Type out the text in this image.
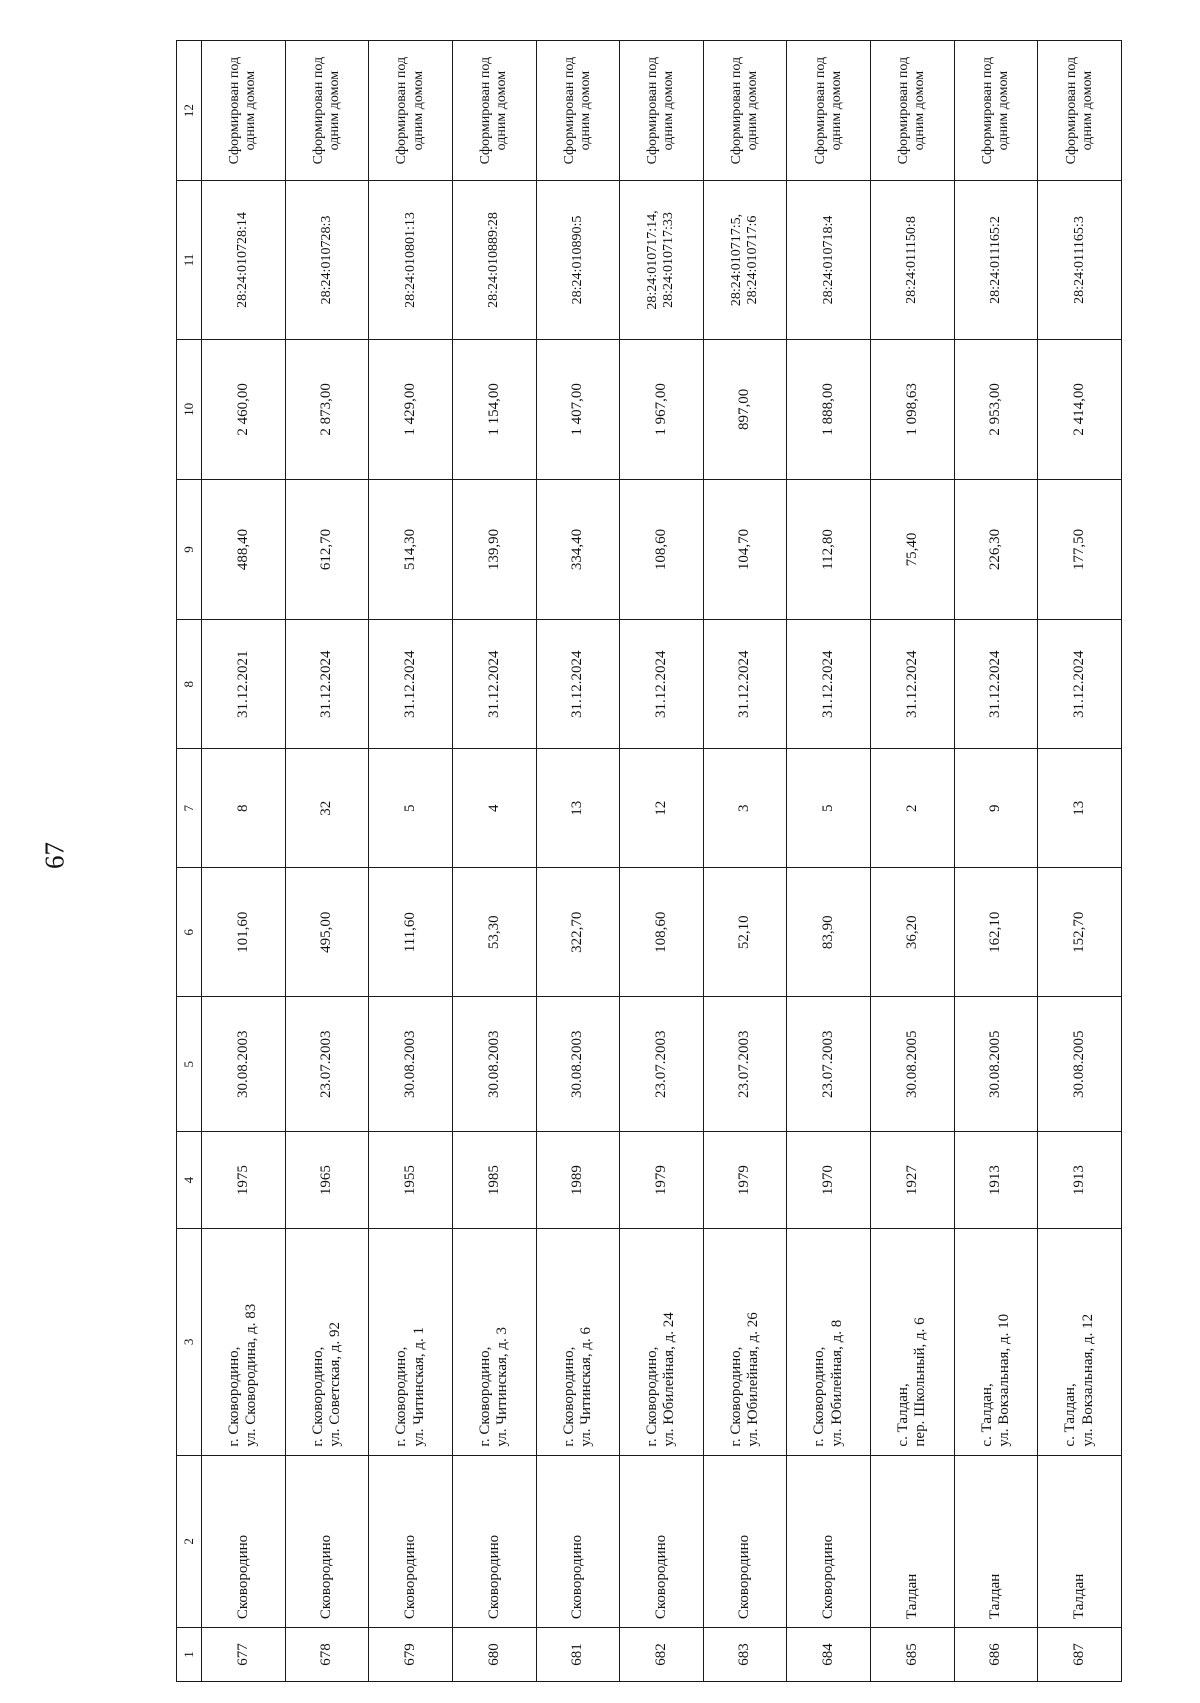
67
1	2	3	4	5	6	7	8	9	10	11	12
677	Сковородино	г. Сковородино,
ул. Сковородина, д. 83	1975	30.08.2003	101,60	8	31.12.2021	488,40	2 460,00	28:24:010728:14	Сформирован под одним домом
678	Сковородино	г. Сковородино,
ул. Советская, д. 92	1965	23.07.2003	495,00	32	31.12.2024	612,70	2 873,00	28:24:010728:3	Сформирован под одним домом
679	Сковородино	г. Сковородино,
ул. Читинская, д. 1	1955	30.08.2003	111,60	5	31.12.2024	514,30	1 429,00	28:24:010801:13	Сформирован под одним домом
680	Сковородино	г. Сковородино,
ул. Читинская, д. 3	1985	30.08.2003	53,30	4	31.12.2024	139,90	1 154,00	28:24:010889:28	Сформирован под одним домом
681	Сковородино	г. Сковородино,
ул. Читинская, д. 6	1989	30.08.2003	322,70	13	31.12.2024	334,40	1 407,00	28:24:010890:5	Сформирован под одним домом
682	Сковородино	г. Сковородино,
ул. Юбилейная, д. 24	1979	23.07.2003	108,60	12	31.12.2024	108,60	1 967,00	28:24:010717:14,
28:24:010717:33	Сформирован под одним домом
683	Сковородино	г. Сковородино,
ул. Юбилейная, д. 26	1979	23.07.2003	52,10	3	31.12.2024	104,70	897,00	28:24:010717:5,
28:24:010717:6	Сформирован под одним домом
684	Сковородино	г. Сковородино,
ул. Юбилейная, д. 8	1970	23.07.2003	83,90	5	31.12.2024	112,80	1 888,00	28:24:010718:4	Сформирован под одним домом
685	Талдан	с. Талдан,
пер. Школьный, д. 6	1927	30.08.2005	36,20	2	31.12.2024	75,40	1 098,63	28:24:011150:8	Сформирован под одним домом
686	Талдан	с. Талдан,
ул. Вокзальная, д. 10	1913	30.08.2005	162,10	9	31.12.2024	226,30	2 953,00	28:24:011165:2	Сформирован под одним домом
687	Талдан	с. Талдан,
ул. Вокзальная, д. 12	1913	30.08.2005	152,70	13	31.12.2024	177,50	2 414,00	28:24:011165:3	Сформирован под одним домом
